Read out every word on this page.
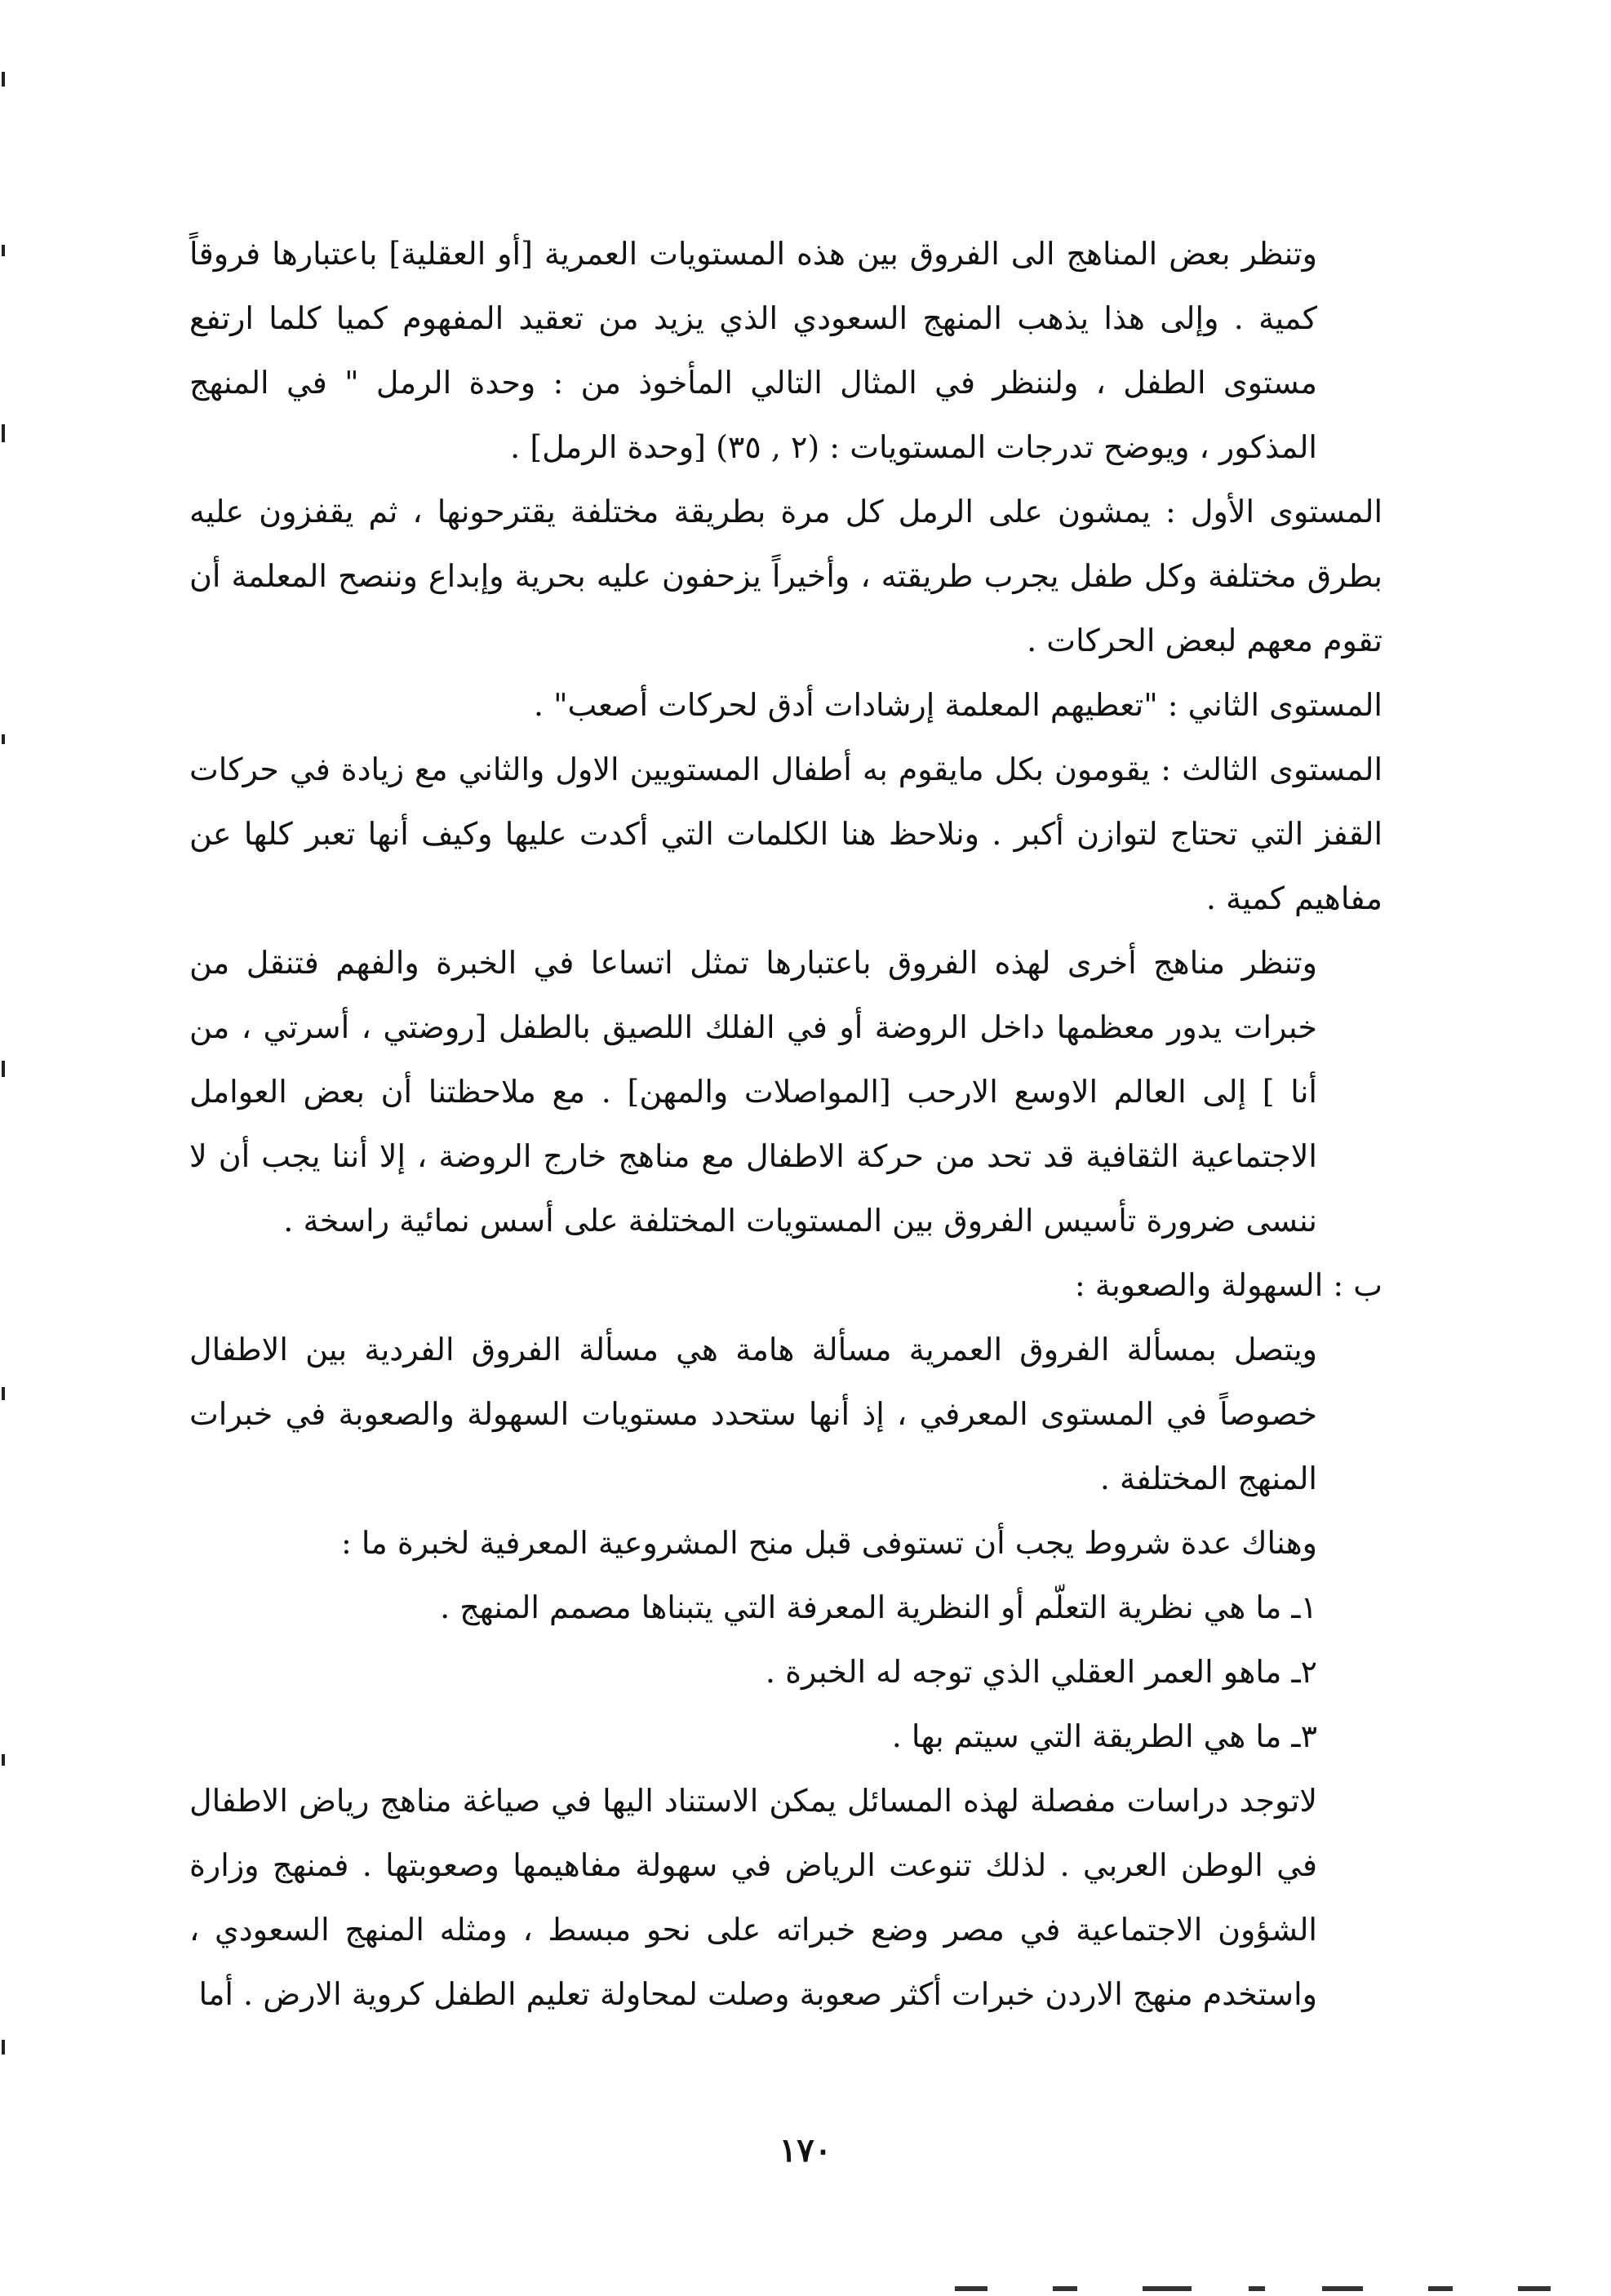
وتنظر بعض المناهج الى الفروق بين هذه المستويات العمرية [أو العقلية] باعتبارها فروقاً كمية . وإلى هذا يذهب المنهج السعودي الذي يزيد من تعقيد المفهوم كميا كلما ارتفع مستوى الطفل ، ولننظر في المثال التالي المأخوذ من : وحدة الرمل " في المنهج المذكور ، ويوضح تدرجات المستويات : (٢ , ٣٥) [وحدة الرمل] .

المستوى الأول : يمشون على الرمل كل مرة بطريقة مختلفة يقترحونها ، ثم يقفزون عليه بطرق مختلفة وكل طفل يجرب طريقته ، وأخيراً يزحفون عليه بحرية وإبداع وننصح المعلمة أن تقوم معهم لبعض الحركات .

المستوى الثاني : "تعطيهم المعلمة إرشادات أدق لحركات أصعب" .

المستوى الثالث : يقومون بكل مايقوم به أطفال المستويين الاول والثاني مع زيادة في حركات القفز التي تحتاج لتوازن أكبر . ونلاحظ هنا الكلمات التي أكدت عليها وكيف أنها تعبر كلها عن مفاهيم كمية .

وتنظر مناهج أخرى لهذه الفروق باعتبارها تمثل اتساعا في الخبرة والفهم فتنقل من خبرات يدور معظمها داخل الروضة أو في الفلك اللصيق بالطفل [روضتي ، أسرتي ، من أنا ] إلى العالم الاوسع الارحب [المواصلات والمهن] . مع ملاحظتنا أن بعض العوامل الاجتماعية الثقافية قد تحد من حركة الاطفال مع مناهج خارج الروضة ، إلا أننا يجب أن لا ننسى ضرورة تأسيس الفروق بين المستويات المختلفة على أسس نمائية راسخة .

ب : السهولة والصعوبة :

ويتصل بمسألة الفروق العمرية مسألة هامة هي مسألة الفروق الفردية بين الاطفال خصوصاً في المستوى المعرفي ، إذ أنها ستحدد مستويات السهولة والصعوبة في خبرات المنهج المختلفة .

وهناك عدة شروط يجب أن تستوفى قبل منح المشروعية المعرفية لخبرة ما :

١ـ ما هي نظرية التعلّم أو النظرية المعرفة التي يتبناها مصمم المنهج .

٢ـ ماهو العمر العقلي الذي توجه له الخبرة .

٣ـ ما هي الطريقة التي سيتم بها .

لاتوجد دراسات مفصلة لهذه المسائل يمكن الاستناد اليها في صياغة مناهج رياض الاطفال في الوطن العربي . لذلك تنوعت الرياض في سهولة مفاهيمها وصعوبتها . فمنهج وزارة الشؤون الاجتماعية في مصر وضع خبراته على نحو مبسط ، ومثله المنهج السعودي ، واستخدم منهج الاردن خبرات أكثر صعوبة وصلت لمحاولة تعليم الطفل كروية الارض . أما

١٧٠
